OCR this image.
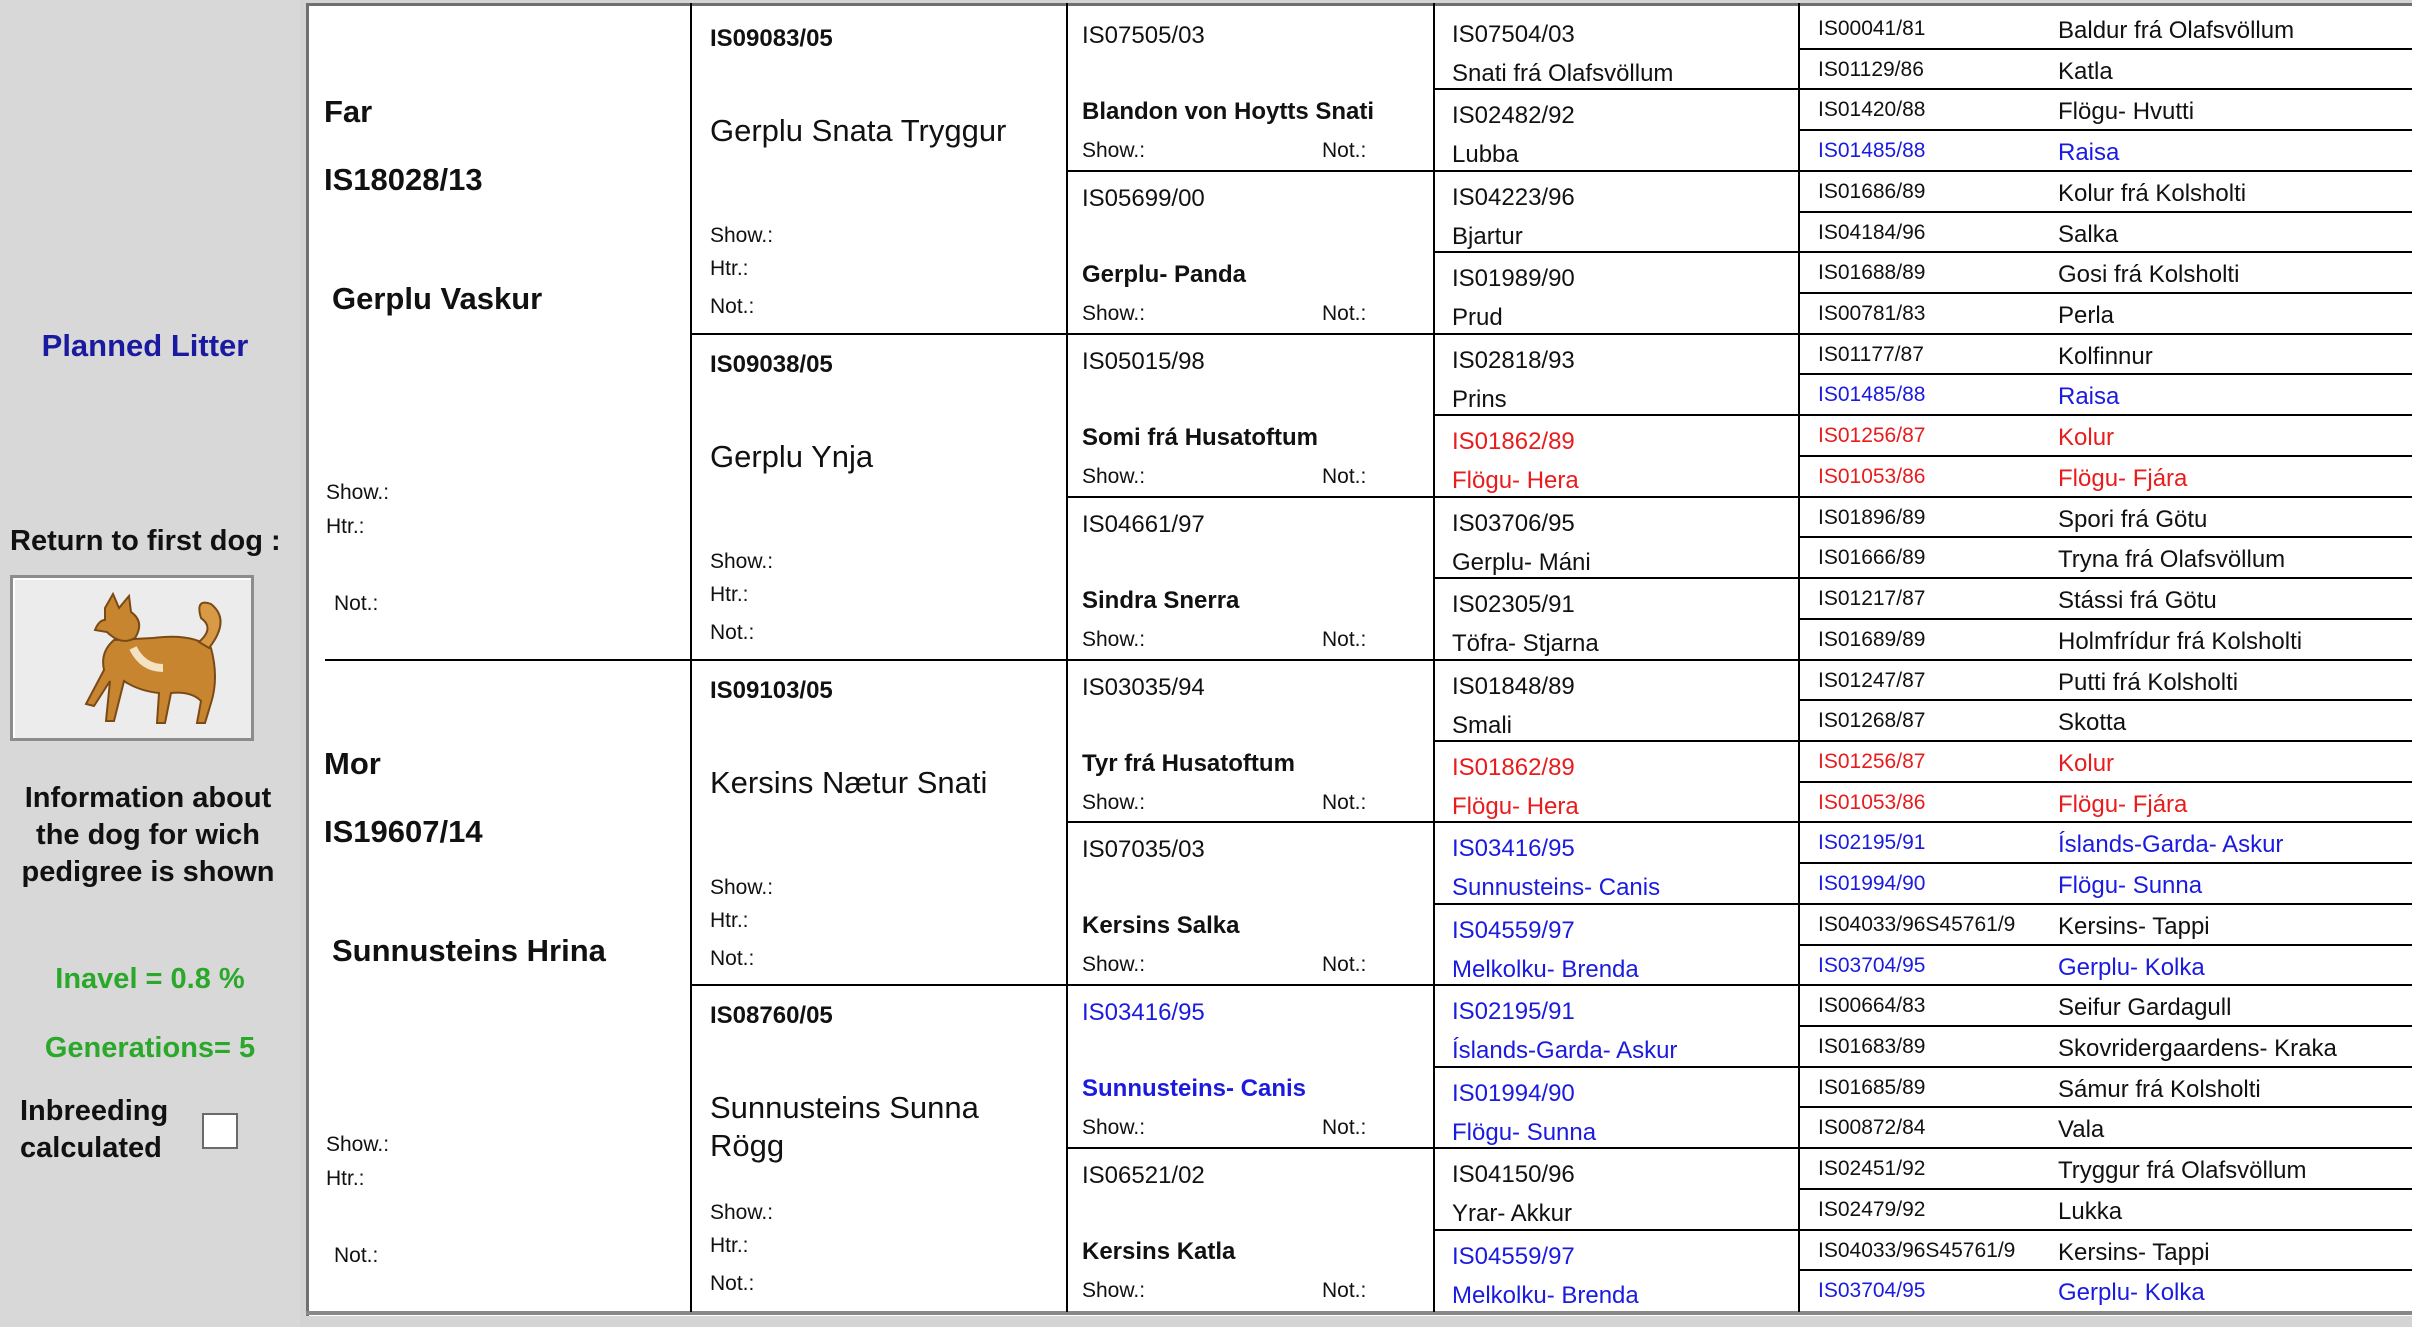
Planned Litter
Return to first dog :
Information about the dog for wich pedigree is shown
Inavel = 0.8 %
Generations= 5
Inbreeding calculated
Far
IS18028/13
Gerplu Vaskur
Show.:
Htr.:
Not.:
Mor
IS19607/14
Sunnusteins Hrina
Show.:
Htr.:
Not.:
IS09083/05
Gerplu Snata Tryggur
Show.:
Htr.:
Not.:
IS09038/05
Gerplu Ynja
Show.:
Htr.:
Not.:
IS09103/05
Kersins Nætur Snati
Show.:
Htr.:
Not.:
IS08760/05
Sunnusteins Sunna Rögg
Show.:
Htr.:
Not.:
IS07505/03
Blandon von Hoytts Snati
Show.:	Not.:
IS05699/00
Gerplu- Panda
Show.:	Not.:
IS05015/98
Somi frá Husatoftum
Show.:	Not.:
IS04661/97
Sindra Snerra
Show.:	Not.:
IS03035/94
Tyr frá Husatoftum
Show.:	Not.:
IS07035/03
Kersins Salka
Show.:	Not.:
IS03416/95
Sunnusteins- Canis
Show.:	Not.:
IS06521/02
Kersins Katla
Show.:	Not.:
IS07504/03
Snati frá Olafsvöllum
IS02482/92
Lubba
IS04223/96
Bjartur
IS01989/90
Prud
IS02818/93
Prins
IS01862/89
Flögu- Hera
IS03706/95
Gerplu- Máni
IS02305/91
Töfra- Stjarna
IS01848/89
Smali
IS01862/89
Flögu- Hera
IS03416/95
Sunnusteins- Canis
IS04559/97
Melkolku- Brenda
IS02195/91
Íslands-Garda- Askur
IS01994/90
Flögu- Sunna
IS04150/96
Yrar- Akkur
IS04559/97
Melkolku- Brenda
IS00041/81	Baldur frá Olafsvöllum
IS01129/86	Katla
IS01420/88	Flögu- Hvutti
IS01485/88	Raisa
IS01686/89	Kolur frá Kolsholti
IS04184/96	Salka
IS01688/89	Gosi frá Kolsholti
IS00781/83	Perla
IS01177/87	Kolfinnur
IS01485/88	Raisa
IS01256/87	Kolur
IS01053/86	Flögu- Fjára
IS01896/89	Spori frá Götu
IS01666/89	Tryna frá Olafsvöllum
IS01217/87	Stássi frá Götu
IS01689/89	Holmfrídur frá Kolsholti
IS01247/87	Putti frá Kolsholti
IS01268/87	Skotta
IS01256/87	Kolur
IS01053/86	Flögu- Fjára
IS02195/91	Íslands-Garda- Askur
IS01994/90	Flögu- Sunna
IS04033/96S45761/9 Kersins- Tappi
IS03704/95	Gerplu- Kolka
IS00664/83	Seifur Gardagull
IS01683/89	Skovridergaardens- Kraka
IS01685/89	Sámur frá Kolsholti
IS00872/84	Vala
IS02451/92	Tryggur frá Olafsvöllum
IS02479/92	Lukka
IS04033/96S45761/9 Kersins- Tappi
IS03704/95	Gerplu- Kolka
